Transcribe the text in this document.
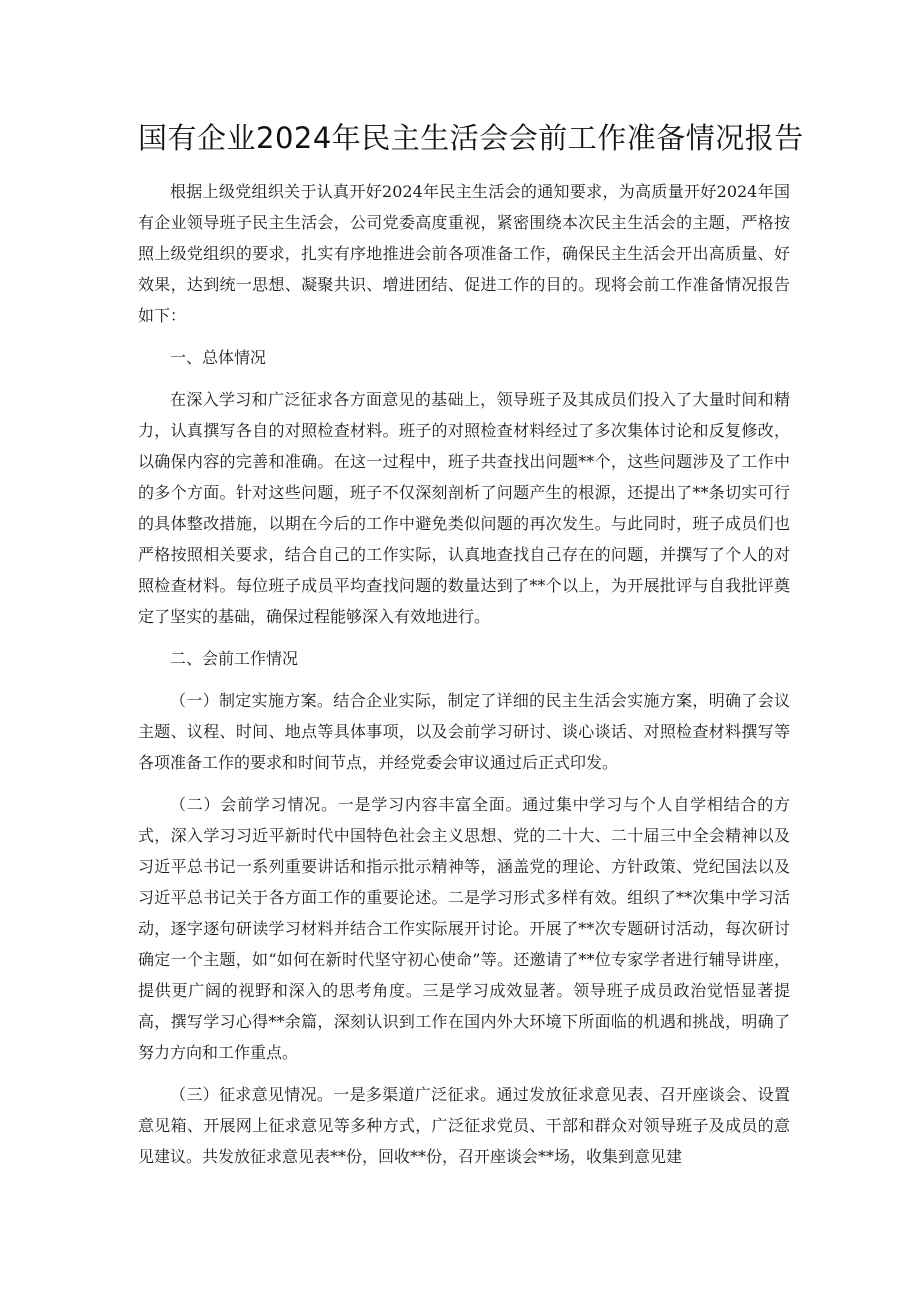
国有企业2024年民主生活会会前工作准备情况报告

根据上级党组织关于认真开好2024年民主生活会的通知要求，为高质量开好2024年国有企业领导班子民主生活会，公司党委高度重视，紧密围绕本次民主生活会的主题，严格按照上级党组织的要求，扎实有序地推进会前各项准备工作，确保民主生活会开出高质量、好效果，达到统一思想、凝聚共识、增进团结、促进工作的目的。现将会前工作准备情况报告如下：

一、总体情况

在深入学习和广泛征求各方面意见的基础上，领导班子及其成员们投入了大量时间和精力，认真撰写各自的对照检查材料。班子的对照检查材料经过了多次集体讨论和反复修改，以确保内容的完善和准确。在这一过程中，班子共查找出问题**个，这些问题涉及了工作中的多个方面。针对这些问题，班子不仅深刻剖析了问题产生的根源，还提出了**条切实可行的具体整改措施，以期在今后的工作中避免类似问题的再次发生。与此同时，班子成员们也严格按照相关要求，结合自己的工作实际，认真地查找自己存在的问题，并撰写了个人的对照检查材料。每位班子成员平均查找问题的数量达到了**个以上，为开展批评与自我批评奠定了坚实的基础，确保过程能够深入有效地进行。

二、会前工作情况

（一）制定实施方案。结合企业实际，制定了详细的民主生活会实施方案，明确了会议主题、议程、时间、地点等具体事项，以及会前学习研讨、谈心谈话、对照检查材料撰写等各项准备工作的要求和时间节点，并经党委会审议通过后正式印发。

（二）会前学习情况。一是学习内容丰富全面。通过集中学习与个人自学相结合的方式，深入学习习近平新时代中国特色社会主义思想、党的二十大、二十届三中全会精神以及习近平总书记一系列重要讲话和指示批示精神等，涵盖党的理论、方针政策、党纪国法以及习近平总书记关于各方面工作的重要论述。二是学习形式多样有效。组织了**次集中学习活动，逐字逐句研读学习材料并结合工作实际展开讨论。开展了**次专题研讨活动，每次研讨确定一个主题，如“如何在新时代坚守初心使命”等。还邀请了**位专家学者进行辅导讲座，提供更广阔的视野和深入的思考角度。三是学习成效显著。领导班子成员政治觉悟显著提高，撰写学习心得**余篇，深刻认识到工作在国内外大环境下所面临的机遇和挑战，明确了努力方向和工作重点。

（三）征求意见情况。一是多渠道广泛征求。通过发放征求意见表、召开座谈会、设置意见箱、开展网上征求意见等多种方式，广泛征求党员、干部和群众对领导班子及成员的意见建议。共发放征求意见表**份，回收**份，召开座谈会**场，收集到意见建
